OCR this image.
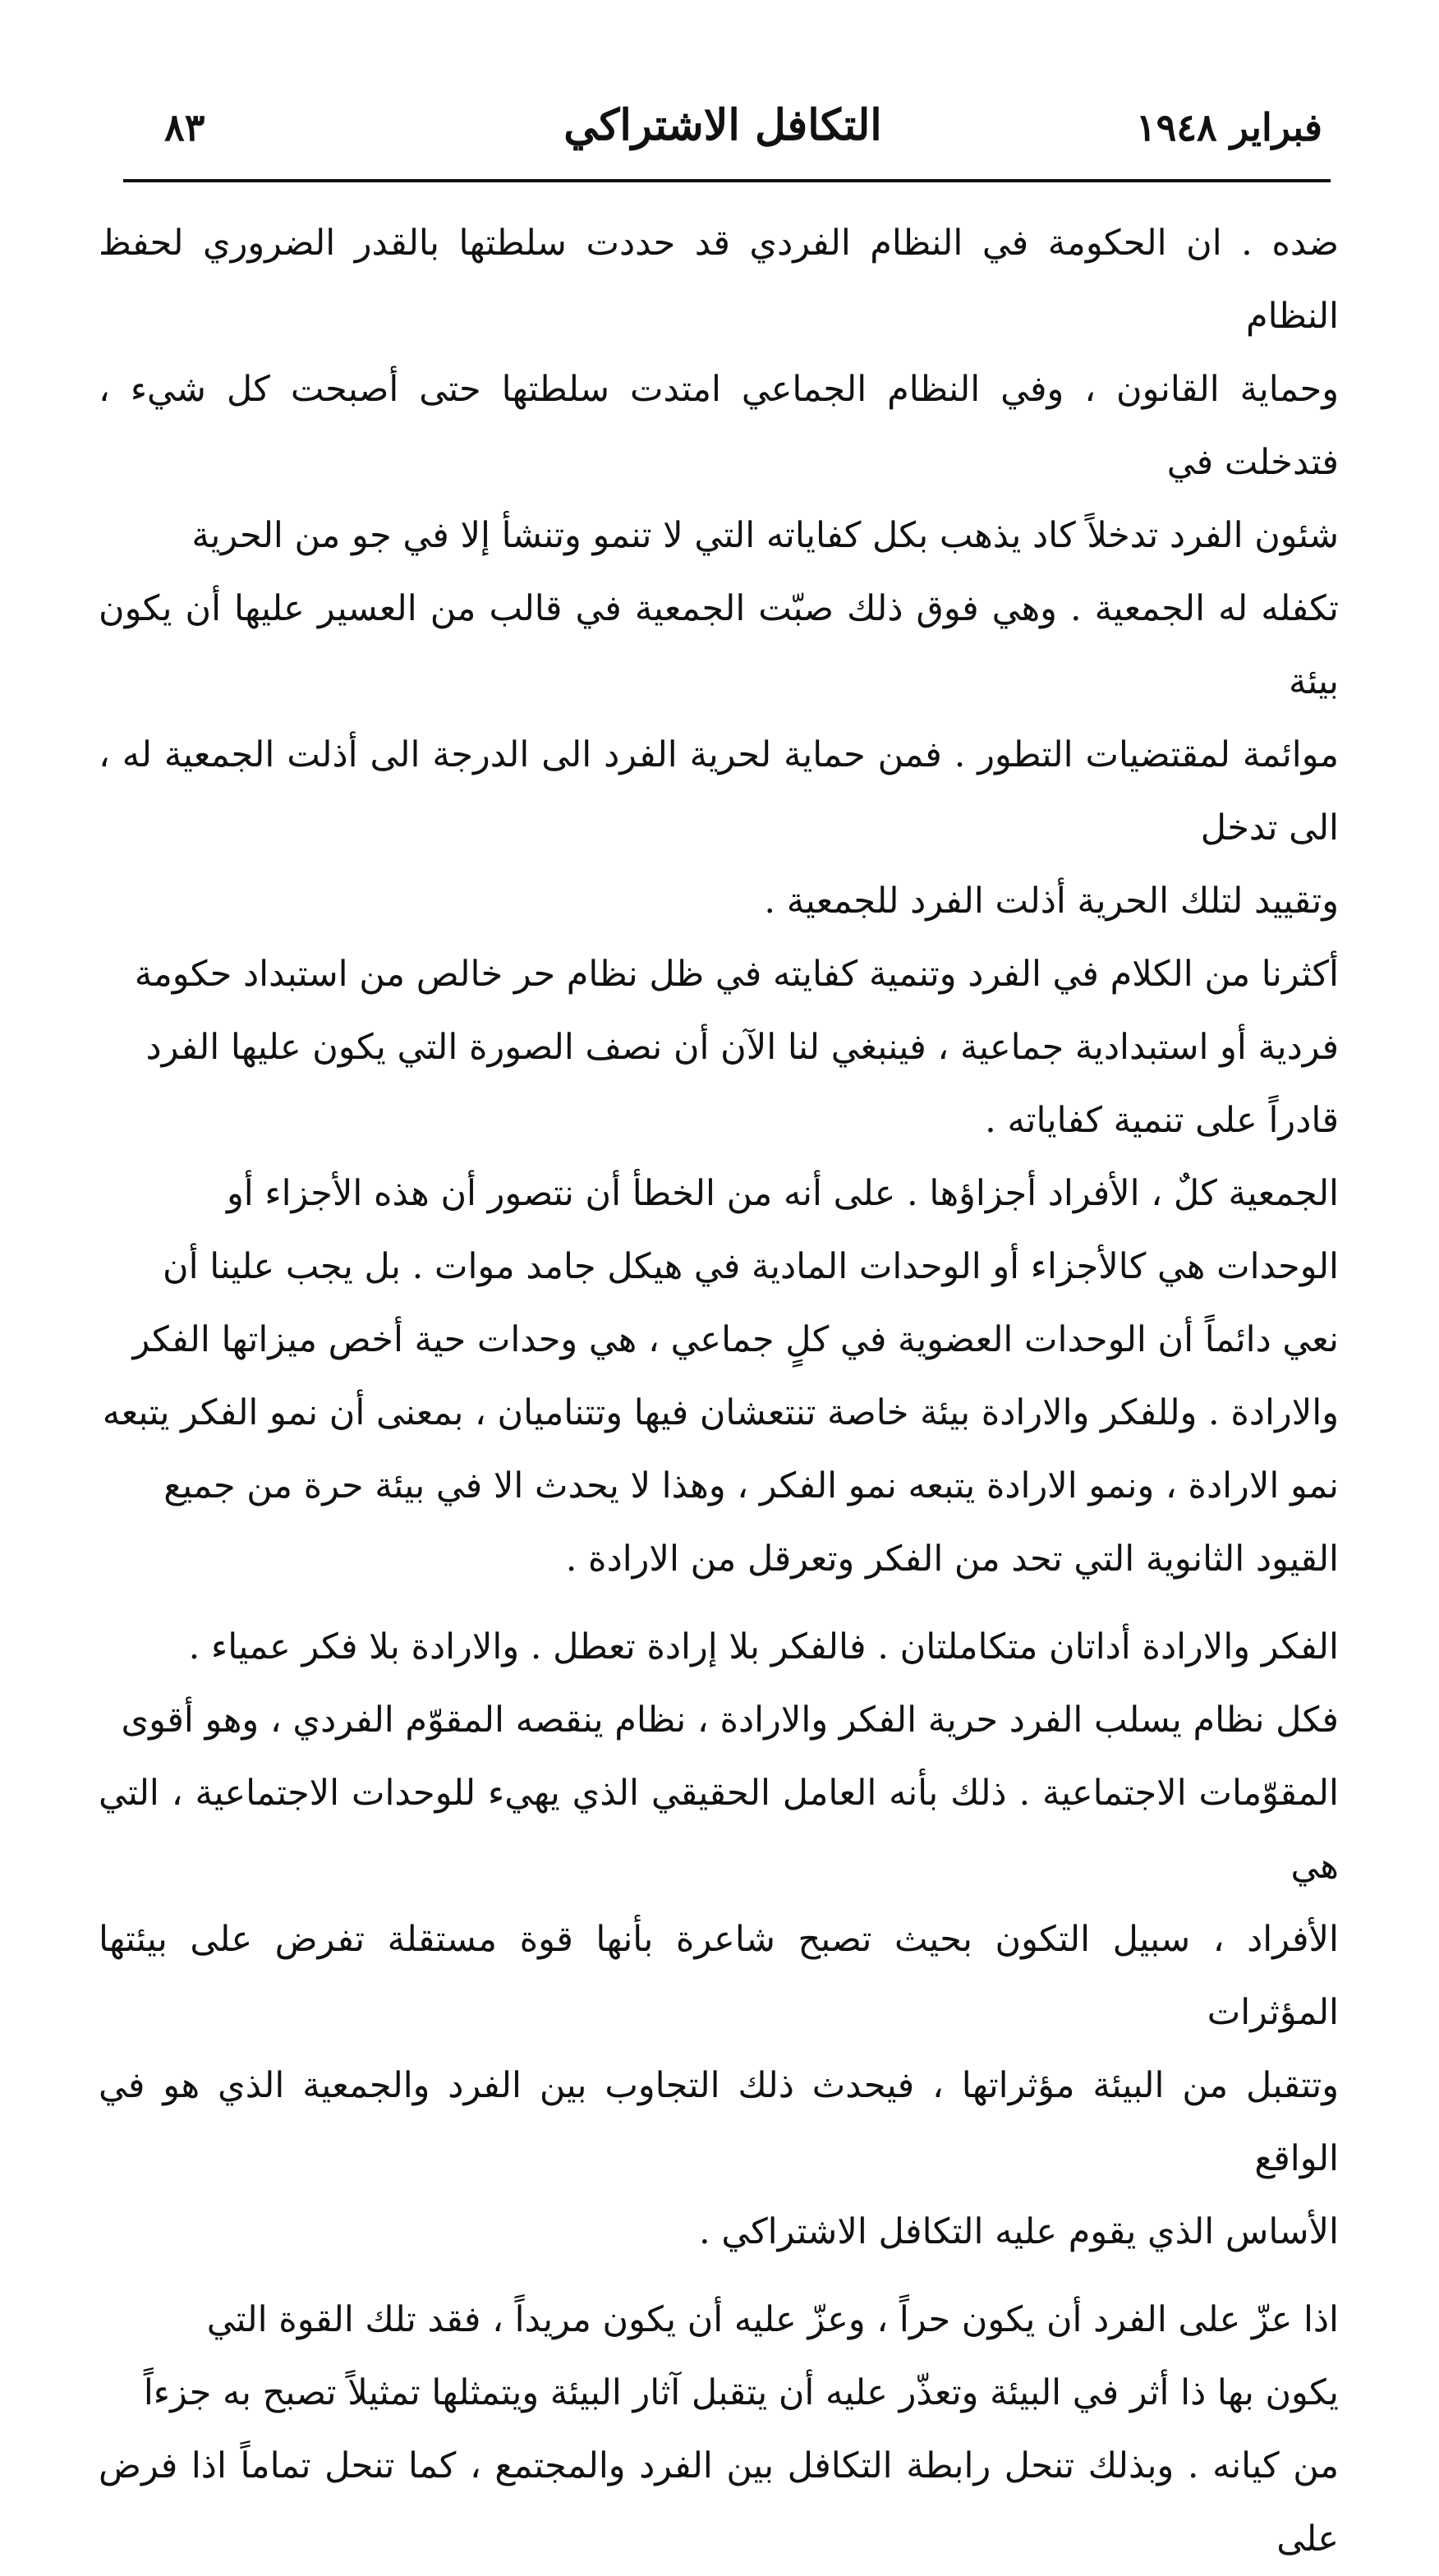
٨٣	التكافل الاشتراكي	فبراير ١٩٤٨

ضده . ان الحكومة في النظام الفردي قد حددت سلطتها بالقدر الضروري لحفظ النظام
وحماية القانون ، وفي النظام الجماعي امتدت سلطتها حتى أصبحت كل شيء ، فتدخلت في
شئون الفرد تدخلاً كاد يذهب بكل كفاياته التي لا تنمو وتنشأ إلا في جو من الحرية
تكفله له الجمعية . وهي فوق ذلك صبّت الجمعية في قالب من العسير عليها أن يكون بيئة
موائمة لمقتضيات التطور . فمن حماية لحرية الفرد الى الدرجة الى أذلت الجمعية له ، الى تدخل
وتقييد لتلك الحرية أذلت الفرد للجمعية .

أكثرنا من الكلام في الفرد وتنمية كفايته في ظل نظام حر خالص من استبداد حكومة
فردية أو استبدادية جماعية ، فينبغي لنا الآن أن نصف الصورة التي يكون عليها الفرد
قادراً على تنمية كفاياته .

الجمعية كلٌ ، الأفراد أجزاؤها . على أنه من الخطأ أن نتصور أن هذه الأجزاء أو
الوحدات هي كالأجزاء أو الوحدات المادية في هيكل جامد موات . بل يجب علينا أن
نعي دائماً أن الوحدات العضوية في كلٍ جماعي ، هي وحدات حية أخص ميزاتها الفكر
والارادة . وللفكر والارادة بيئة خاصة تنتعشان فيها وتتناميان ، بمعنى أن نمو الفكر يتبعه
نمو الارادة ، ونمو الارادة يتبعه نمو الفكر ، وهذا لا يحدث الا في بيئة حرة من جميع
القيود الثانوية التي تحد من الفكر وتعرقل من الارادة .

الفكر والارادة أداتان متكاملتان . فالفكر بلا إرادة تعطل . والارادة بلا فكر عمياء .
فكل نظام يسلب الفرد حرية الفكر والارادة ، نظام ينقصه المقوّم الفردي ، وهو أقوى
المقوّمات الاجتماعية . ذلك بأنه العامل الحقيقي الذي يهيء للوحدات الاجتماعية ، التي هي
الأفراد ، سبيل التكون بحيث تصبح شاعرة بأنها قوة مستقلة تفرض على بيئتها المؤثرات
وتتقبل من البيئة مؤثراتها ، فيحدث ذلك التجاوب بين الفرد والجمعية الذي هو في الواقع
الأساس الذي يقوم عليه التكافل الاشتراكي .

اذا عزّ على الفرد أن يكون حراً ، وعزّ عليه أن يكون مريداً ، فقد تلك القوة التي
يكون بها ذا أثر في البيئة وتعذّر عليه أن يتقبل آثار البيئة ويتمثلها تمثيلاً تصبح به جزءاً
من كيانه . وبذلك تنحل رابطة التكافل بين الفرد والمجتمع ، كما تنحل تماماً اذا فرض على
